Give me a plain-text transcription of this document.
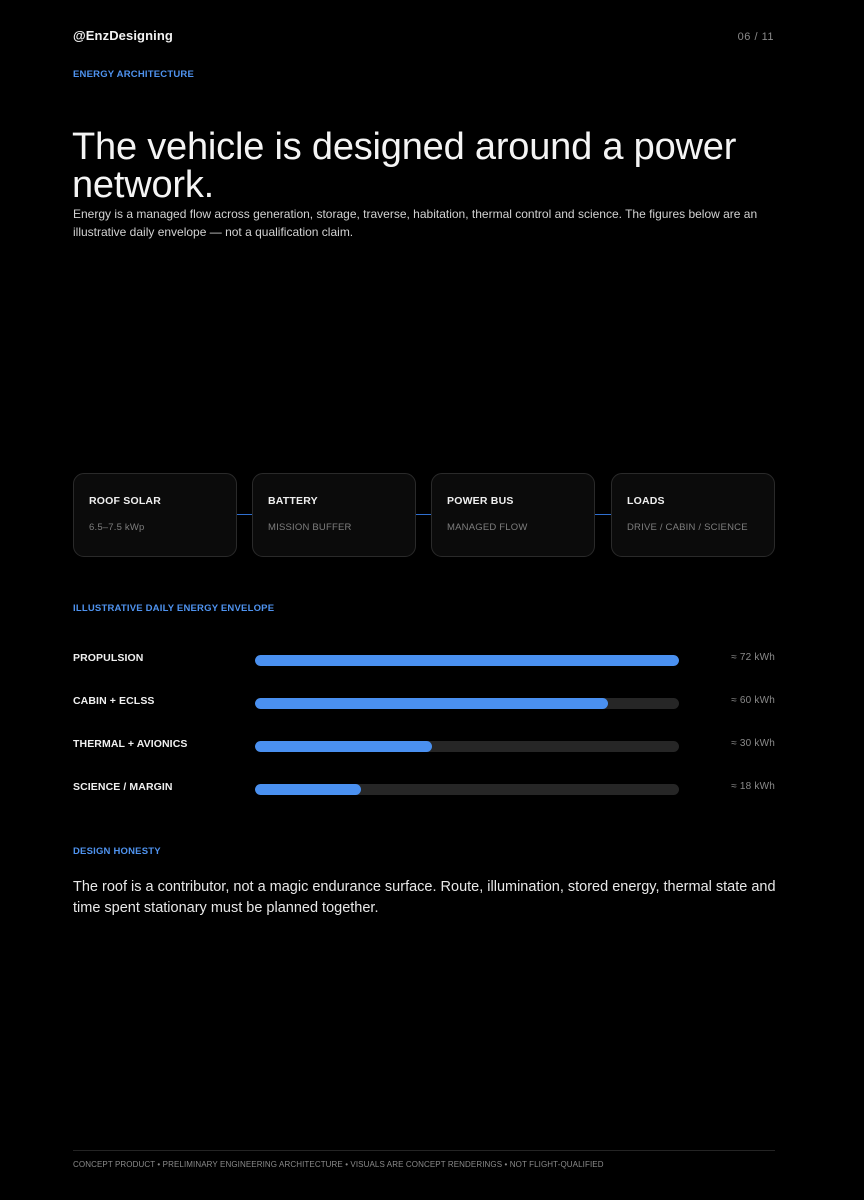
@EnzDesigning	06 / 11
ENERGY ARCHITECTURE
The vehicle is designed around a power network.

Energy is a managed flow across generation, storage, traverse, habitation, thermal control and science. The figures below are an illustrative daily envelope — not a qualification claim.

ROOF SOLAR
6.5–7.5 kWp
BATTERY
MISSION BUFFER
POWER BUS
MANAGED FLOW
LOADS
DRIVE / CABIN / SCIENCE
ILLUSTRATIVE DAILY ENERGY ENVELOPE
PROPULSION	≈ 72 kWh
CABIN + ECLSS	≈ 60 kWh
THERMAL + AVIONICS	≈ 30 kWh
SCIENCE / MARGIN	≈ 18 kWh
DESIGN HONESTY

The roof is a contributor, not a magic endurance surface. Route, illumination, stored energy, thermal state and time spent stationary must be planned together.

CONCEPT PRODUCT • PRELIMINARY ENGINEERING ARCHITECTURE • VISUALS ARE CONCEPT RENDERINGS • NOT FLIGHT-QUALIFIED
